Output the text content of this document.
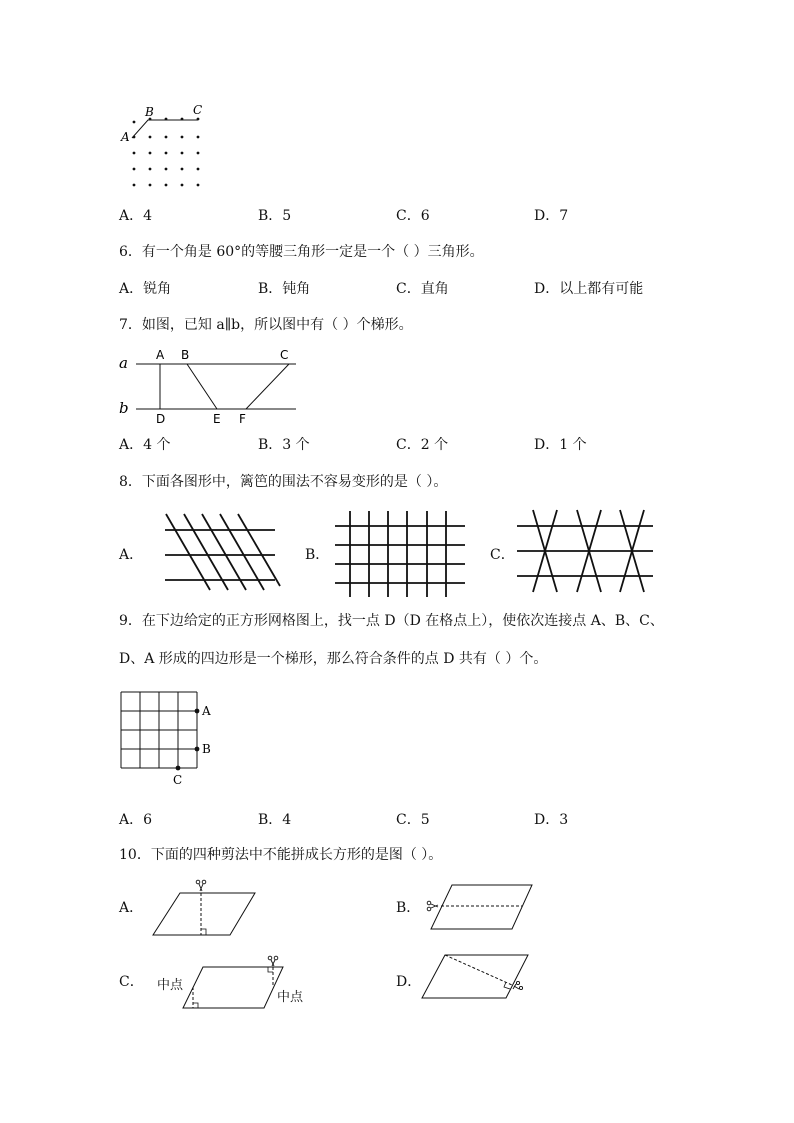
A
B	C
A．4	B．5	C．6	D．7
6．有一个角是 60°的等腰三角形一定是一个（ ）三角形。
A．锐角	B．钝角	C．直角	D．以上都有可能
7．如图，已知 a∥b，所以图中有（ ）个梯形。
a
b
A B	C
D	E F
A．4 个	B．3 个	C．2 个	D．1 个
8．下面各图形中，篱笆的围法不容易变形的是（ ）。
A．	B．	C．
9．在下边给定的正方形网格图上，找一点 D（D 在格点上），使依次连接点 A、B、C、
D、A 形成的四边形是一个梯形，那么符合条件的点 D 共有（ ）个。
A
B
C
A．6	B．4	C．5	D．3
10．下面的四种剪法中不能拼成长方形的是图（ ）。
A．	B．
C． 中点
中点
D．
